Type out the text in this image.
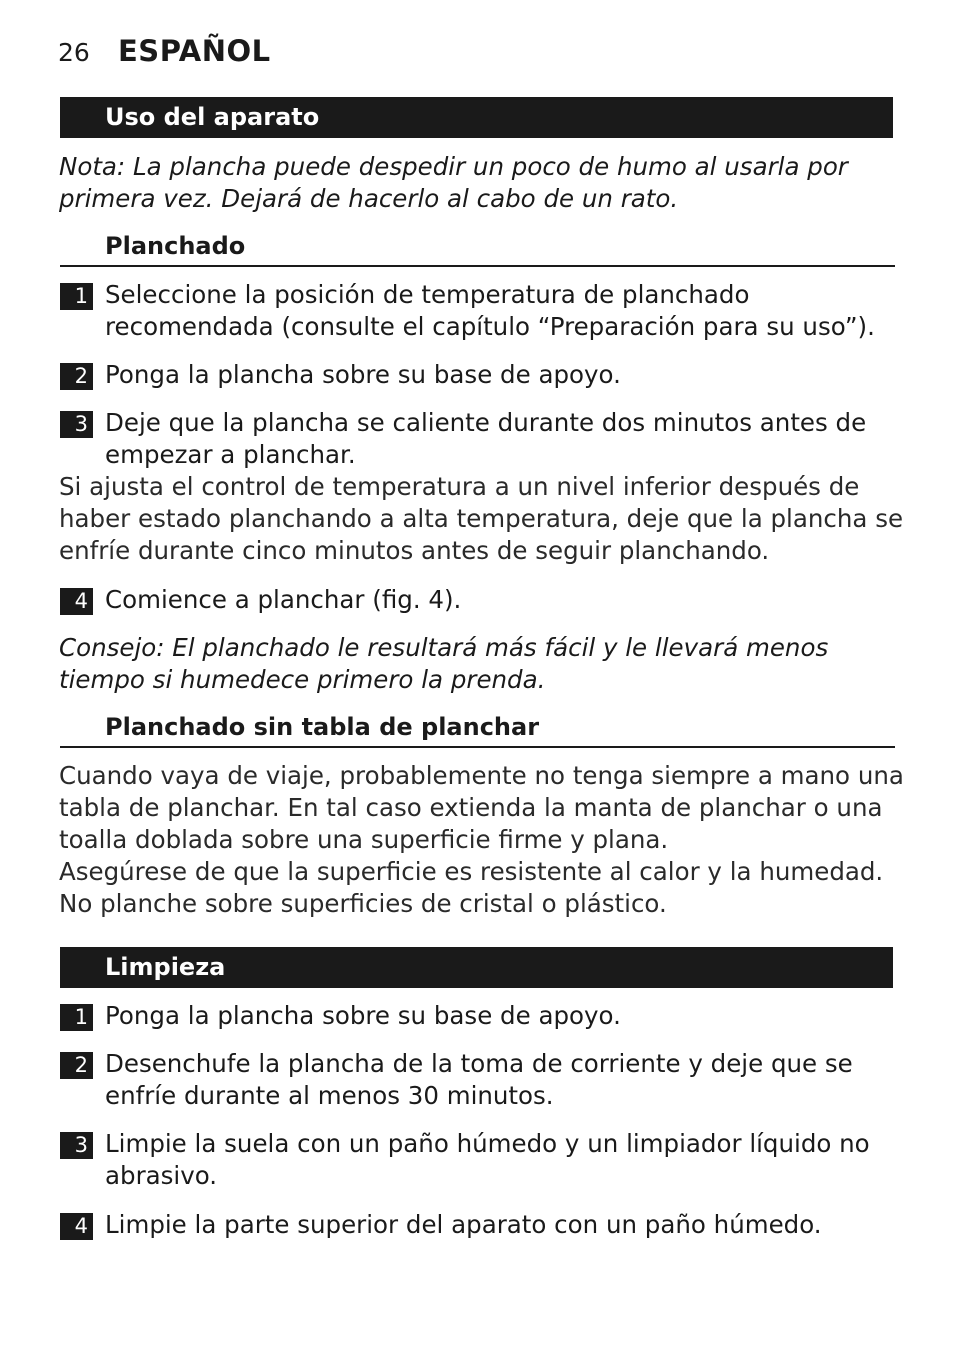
26 ESPAÑOL
Uso del aparato
Nota: La plancha puede despedir un poco de humo al usarla por primera vez. Dejará de hacerlo al cabo de un rato.
Planchado
1 Seleccione la posición de temperatura de planchado recomendada (consulte el capítulo “Preparación para su uso”).
2 Ponga la plancha sobre su base de apoyo.
3 Deje que la plancha se caliente durante dos minutos antes de empezar a planchar.
Si ajusta el control de temperatura a un nivel inferior después de haber estado planchando a alta temperatura, deje que la plancha se enfríe durante cinco minutos antes de seguir planchando.
4 Comience a planchar (fig. 4).
Consejo: El planchado le resultará más fácil y le llevará menos tiempo si humedece primero la prenda.
Planchado sin tabla de planchar
Cuando vaya de viaje, probablemente no tenga siempre a mano una tabla de planchar. En tal caso extienda la manta de planchar o una toalla doblada sobre una superficie firme y plana.
Asegúrese de que la superficie es resistente al calor y la humedad. No planche sobre superficies de cristal o plástico.
Limpieza
1 Ponga la plancha sobre su base de apoyo.
2 Desenchufe la plancha de la toma de corriente y deje que se enfríe durante al menos 30 minutos.
3 Limpie la suela con un paño húmedo y un limpiador líquido no abrasivo.
4 Limpie la parte superior del aparato con un paño húmedo.
